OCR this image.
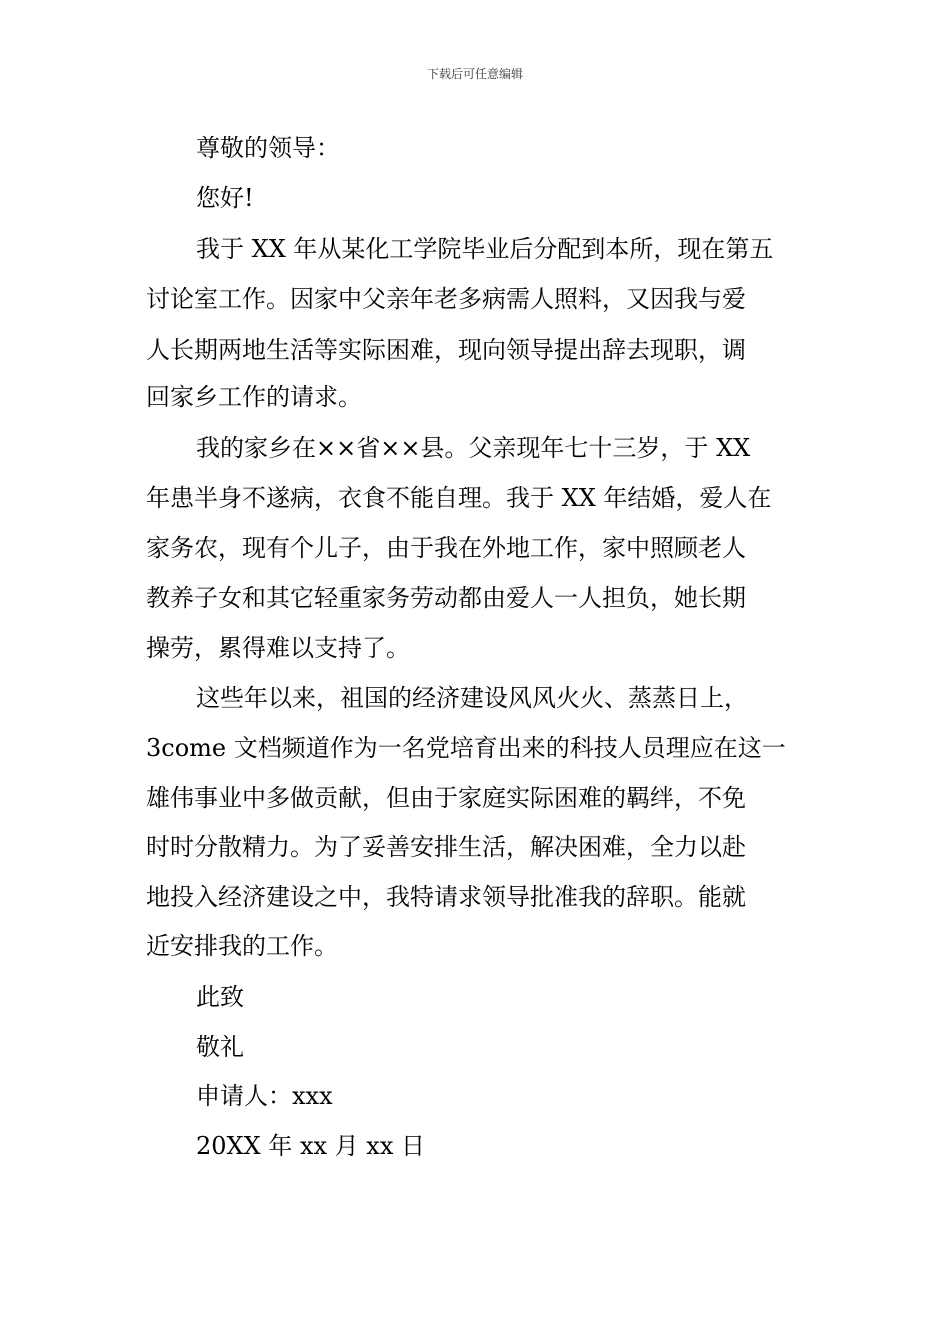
下载后可任意编辑
尊敬的领导：
您好!
我于 XX 年从某化工学院毕业后分配到本所，现在第五
讨论室工作。因家中父亲年老多病需人照料，又因我与爱
人长期两地生活等实际困难，现向领导提出辞去现职，调
回家乡工作的请求。
我的家乡在××省××县。父亲现年七十三岁，于 XX
年患半身不遂病，衣食不能自理。我于 XX 年结婚，爱人在
家务农，现有个儿子，由于我在外地工作，家中照顾老人
教养子女和其它轻重家务劳动都由爱人一人担负，她长期
操劳，累得难以支持了。
这些年以来，祖国的经济建设风风火火、蒸蒸日上，
3come 文档频道作为一名党培育出来的科技人员理应在这一
雄伟事业中多做贡献，但由于家庭实际困难的羁绊，不免
时时分散精力。为了妥善安排生活，解决困难，全力以赴
地投入经济建设之中，我特请求领导批准我的辞职。能就
近安排我的工作。
此致
敬礼
申请人：xxx
20XX 年 xx 月 xx 日
